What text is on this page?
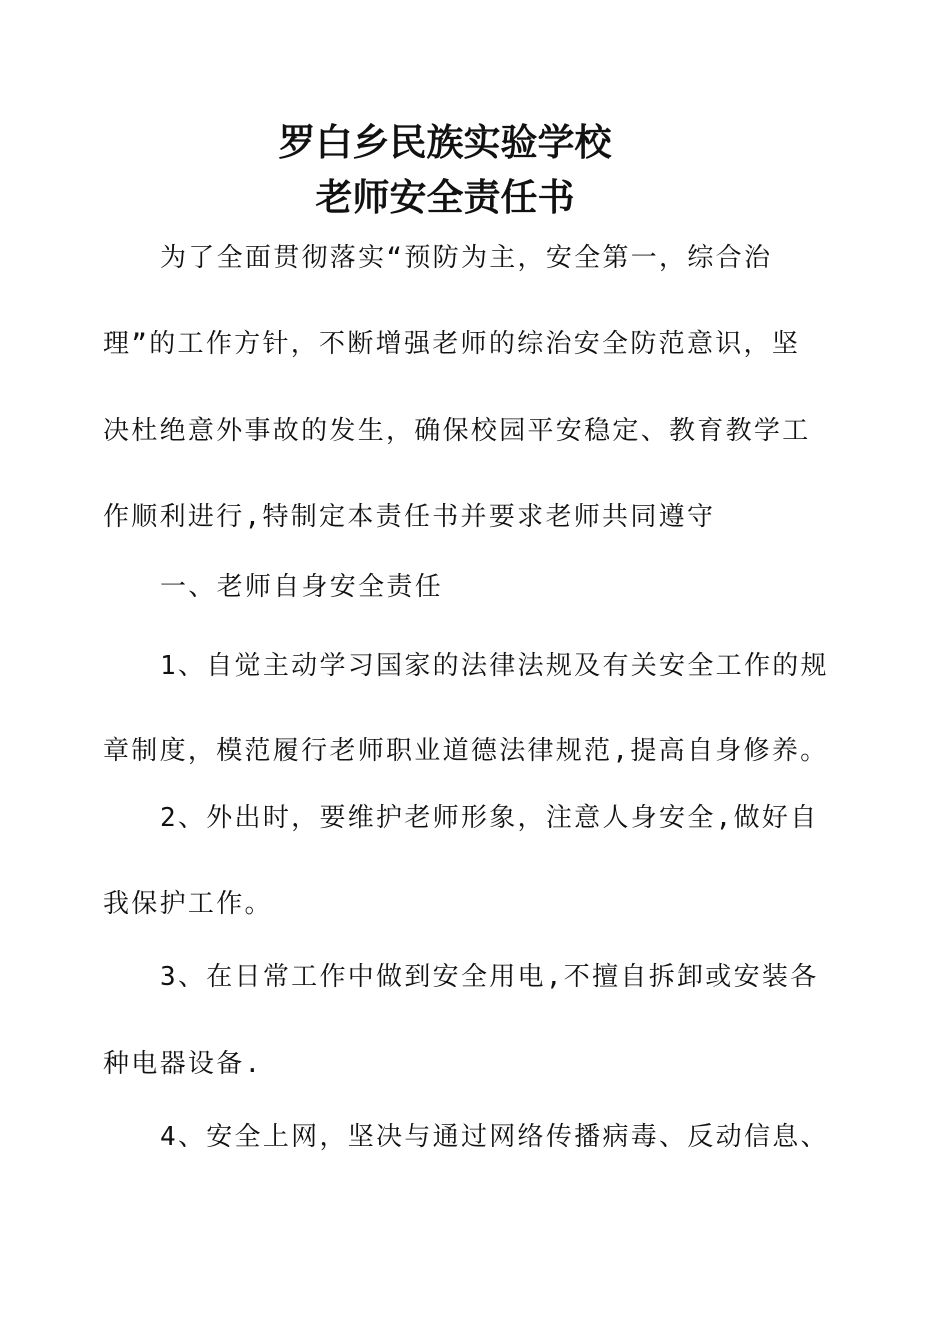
罗白乡民族实验学校
老师安全责任书

为了全面贯彻落实“预防为主，安全第一，综合治

理”的工作方针，不断增强老师的综治安全防范意识，坚

决杜绝意外事故的发生，确保校园平安稳定、教育教学工

作顺利进行,特制定本责任书并要求老师共同遵守

一、老师自身安全责任

1、自觉主动学习国家的法律法规及有关安全工作的规

章制度，模范履行老师职业道德法律规范,提高自身修养。

2、外出时，要维护老师形象，注意人身安全,做好自

我保护工作。

3、在日常工作中做到安全用电,不擅自拆卸或安装各

种电器设备.

4、安全上网，坚决与通过网络传播病毒、反动信息、
